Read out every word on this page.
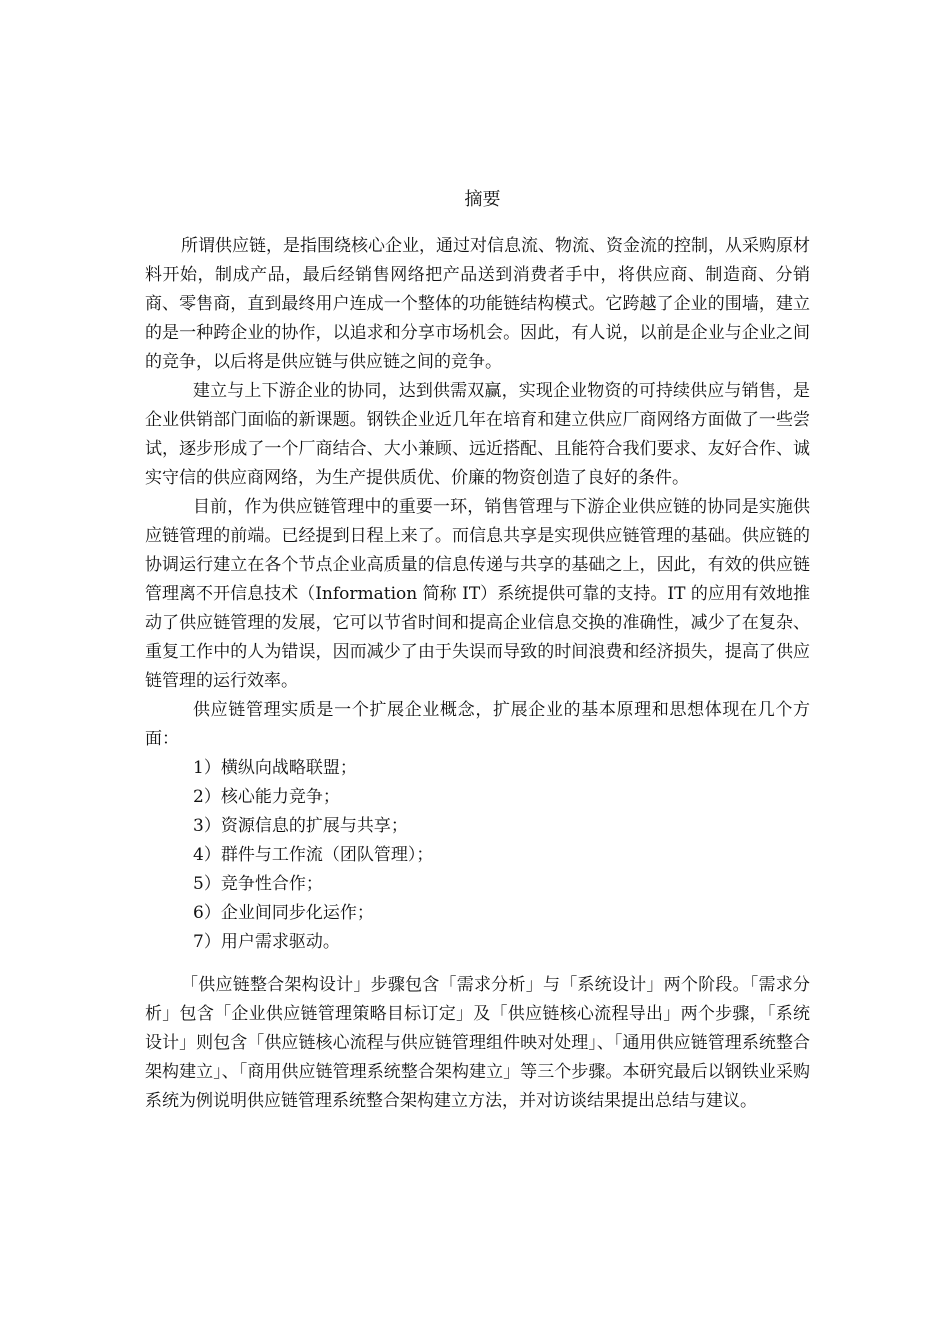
摘要

所谓供应链，是指围绕核心企业，通过对信息流、物流、资金流的控制，从采购原材料开始，制成产品，最后经销售网络把产品送到消费者手中，将供应商、制造商、分销商、零售商，直到最终用户连成一个整体的功能链结构模式。它跨越了企业的围墙，建立的是一种跨企业的协作，以追求和分享市场机会。因此，有人说，以前是企业与企业之间的竞争，以后将是供应链与供应链之间的竞争。

建立与上下游企业的协同，达到供需双赢，实现企业物资的可持续供应与销售，是企业供销部门面临的新课题。钢铁企业近几年在培育和建立供应厂商网络方面做了一些尝试，逐步形成了一个厂商结合、大小兼顾、远近搭配、且能符合我们要求、友好合作、诚实守信的供应商网络，为生产提供质优、价廉的物资创造了良好的条件。

目前，作为供应链管理中的重要一环，销售管理与下游企业供应链的协同是实施供应链管理的前端。已经提到日程上来了。而信息共享是实现供应链管理的基础。供应链的协调运行建立在各个节点企业高质量的信息传递与共享的基础之上，因此，有效的供应链管理离不开信息技术（Information 简称 IT）系统提供可靠的支持。IT 的应用有效地推动了供应链管理的发展，它可以节省时间和提高企业信息交换的准确性，减少了在复杂、重复工作中的人为错误，因而减少了由于失误而导致的时间浪费和经济损失，提高了供应链管理的运行效率。

供应链管理实质是一个扩展企业概念，扩展企业的基本原理和思想体现在几个方面：

1）横纵向战略联盟；
2）核心能力竞争；
3）资源信息的扩展与共享；
4）群件与工作流（团队管理）；
5）竞争性合作；
6）企业间同步化运作；
7）用户需求驱动。

「供应链整合架构设计」步骤包含「需求分析」与「系统设计」两个阶段。「需求分析」包含「企业供应链管理策略目标订定」及「供应链核心流程导出」两个步骤，「系统设计」则包含「供应链核心流程与供应链管理组件映对处理」、「通用供应链管理系统整合架构建立」、「商用供应链管理系统整合架构建立」等三个步骤。本研究最后以钢铁业采购系统为例说明供应链管理系统整合架构建立方法，并对访谈结果提出总结与建议。
